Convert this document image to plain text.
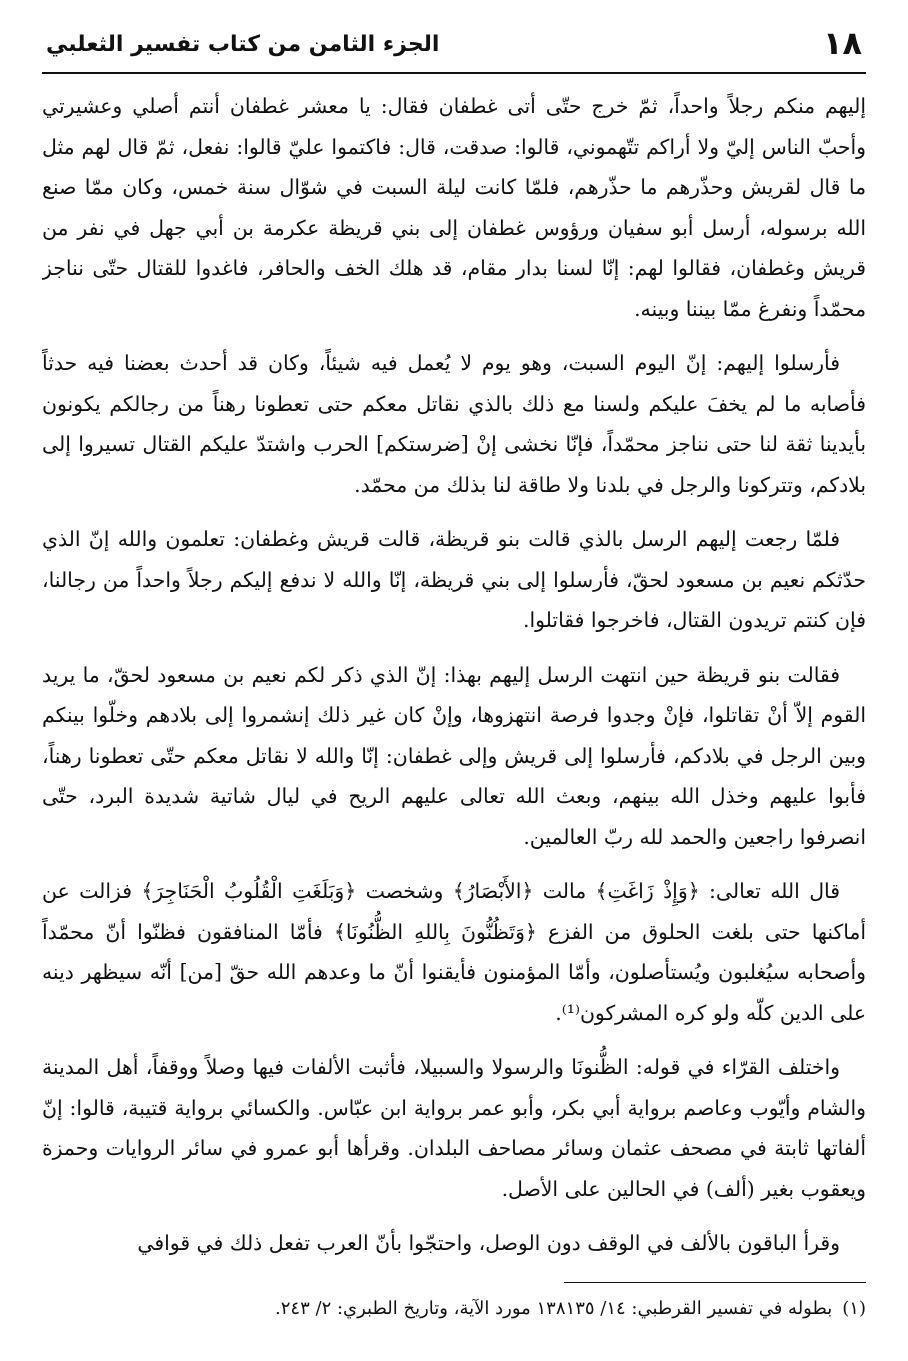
١٨
الجزء الثامن من كتاب تفسير الثعلبي

إليهم منكم رجلاً واحداً، ثمّ خرج حتّى أتى غطفان فقال: يا معشر غطفان أنتم أصلي وعشيرتي وأحبّ الناس إليّ ولا أراكم تتّهموني، قالوا: صدقت، قال: فاكتموا عليّ قالوا: نفعل، ثمّ قال لهم مثل ما قال لقريش وحذّرهم ما حذّرهم، فلمّا كانت ليلة السبت في شوّال سنة خمس، وكان ممّا صنع الله برسوله، أرسل أبو سفيان ورؤوس غطفان إلى بني قريظة عكرمة بن أبي جهل في نفر من قريش وغطفان، فقالوا لهم: إنّا لسنا بدار مقام، قد هلك الخف والحافر، فاغدوا للقتال حتّى نناجز محمّداً ونفرغ ممّا بيننا وبينه.

فأرسلوا إليهم: إنّ اليوم السبت، وهو يوم لا يُعمل فيه شيئاً، وكان قد أحدث بعضنا فيه حدثاً فأصابه ما لم يخفَ عليكم ولسنا مع ذلك بالذي نقاتل معكم حتى تعطونا رهناً من رجالكم يكونون بأيدينا ثقة لنا حتى نناجز محمّداً، فإنّا نخشى إنْ [ضرستكم] الحرب واشتدّ عليكم القتال تسيروا إلى بلادكم، وتتركونا والرجل في بلدنا ولا طاقة لنا بذلك من محمّد.

فلمّا رجعت إليهم الرسل بالذي قالت بنو قريظة، قالت قريش وغطفان: تعلمون والله إنّ الذي حدّثكم نعيم بن مسعود لحقّ، فأرسلوا إلى بني قريظة، إنّا والله لا ندفع إليكم رجلاً واحداً من رجالنا، فإن كنتم تريدون القتال، فاخرجوا فقاتلوا.

فقالت بنو قريظة حين انتهت الرسل إليهم بهذا: إنّ الذي ذكر لكم نعيم بن مسعود لحقّ، ما يريد القوم إلاّ أنْ تقاتلوا، فإنْ وجدوا فرصة انتهزوها، وإنْ كان غير ذلك إنشمروا إلى بلادهم وخلّوا بينكم وبين الرجل في بلادكم، فأرسلوا إلى قريش وإلى غطفان: إنّا والله لا نقاتل معكم حتّى تعطونا رهناً، فأبوا عليهم وخذل الله بينهم، وبعث الله تعالى عليهم الريح في ليال شاتية شديدة البرد، حتّى انصرفوا راجعين والحمد لله ربّ العالمين.

قال الله تعالى: ﴿وَإِذْ زَاغَتِ﴾ مالت ﴿الأَبْصَارُ﴾ وشخصت ﴿وَبَلَغَتِ الْقُلُوبُ الْحَنَاجِرَ﴾ فزالت عن أماكنها حتى بلغت الحلوق من الفزع ﴿وَتَظُنُّونَ بِاللهِ الظُّنُونَا﴾ فأمّا المنافقون فظنّوا أنّ محمّداً وأصحابه سيُغلبون ويُستأصلون، وأمّا المؤمنون فأيقنوا أنّ ما وعدهم الله حقّ [من] أنّه سيظهر دينه على الدين كلّه ولو كره المشركون⁽¹⁾.

واختلف القرّاء في قوله: الظُّنونَا والرسولا والسبيلا، فأثبت الألفات فيها وصلاً ووقفاً، أهل المدينة والشام وأيّوب وعاصم برواية أبي بكر، وأبو عمر برواية ابن عبّاس. والكسائي برواية قتيبة، قالوا: إنّ ألفاتها ثابتة في مصحف عثمان وسائر مصاحف البلدان. وقرأها أبو عمرو في سائر الروايات وحمزة ويعقوب بغير (ألف) في الحالين على الأصل.

وقرأ الباقون بالألف في الوقف دون الوصل، واحتجّوا بأنّ العرب تفعل ذلك في قوافي

(١)بطوله في تفسير القرطبي: ١٤/ ١٣٨١٣٥ مورد الآية، وتاريخ الطبري: ٢/ ٢٤٣.
